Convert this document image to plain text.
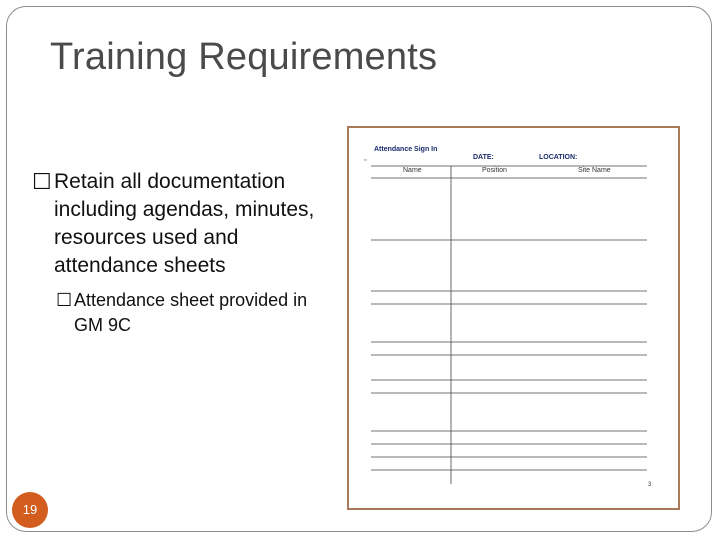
Training Requirements
☐ Retain all documentation including agendas, minutes, resources used and attendance sheets
☐ Attendance sheet provided in GM 9C
Attendance Sign In
▫	DATE:	LOCATION:
Name	Position	Site Name
3
19
